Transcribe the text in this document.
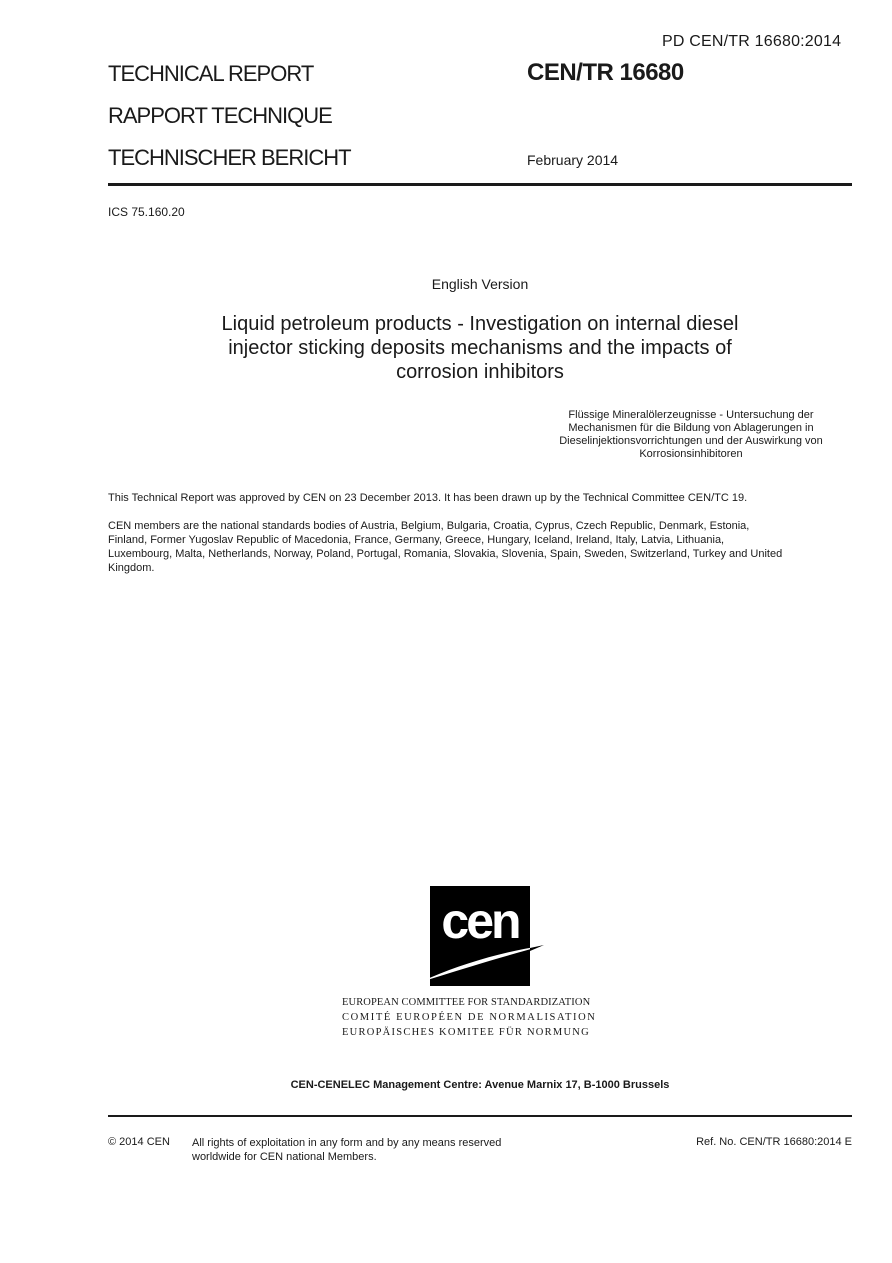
PD CEN/TR 16680:2014
TECHNICAL REPORT
RAPPORT TECHNIQUE
TECHNISCHER BERICHT
CEN/TR 16680
February 2014
ICS 75.160.20
English Version
Liquid petroleum products - Investigation on internal diesel
injector sticking deposits mechanisms and the impacts of
corrosion inhibitors
Flüssige Mineralölerzeugnisse - Untersuchung der
Mechanismen für die Bildung von Ablagerungen in
Dieselinjektionsvorrichtungen und der Auswirkung von
Korrosionsinhibitoren
This Technical Report was approved by CEN on 23 December 2013. It has been drawn up by the Technical Committee CEN/TC 19.
CEN members are the national standards bodies of Austria, Belgium, Bulgaria, Croatia, Cyprus, Czech Republic, Denmark, Estonia,
Finland, Former Yugoslav Republic of Macedonia, France, Germany, Greece, Hungary, Iceland, Ireland, Italy, Latvia, Lithuania,
Luxembourg, Malta, Netherlands, Norway, Poland, Portugal, Romania, Slovakia, Slovenia, Spain, Sweden, Switzerland, Turkey and United
Kingdom.
cen
EUROPEAN COMMITTEE FOR STANDARDIZATION
COMITÉ EUROPÉEN DE NORMALISATION
EUROPÄISCHES KOMITEE FÜR NORMUNG
CEN-CENELEC Management Centre: Avenue Marnix 17, B-1000 Brussels
© 2014 CEN All rights of exploitation in any form and by any means reserved
worldwide for CEN national Members.
Ref. No. CEN/TR 16680:2014 E
